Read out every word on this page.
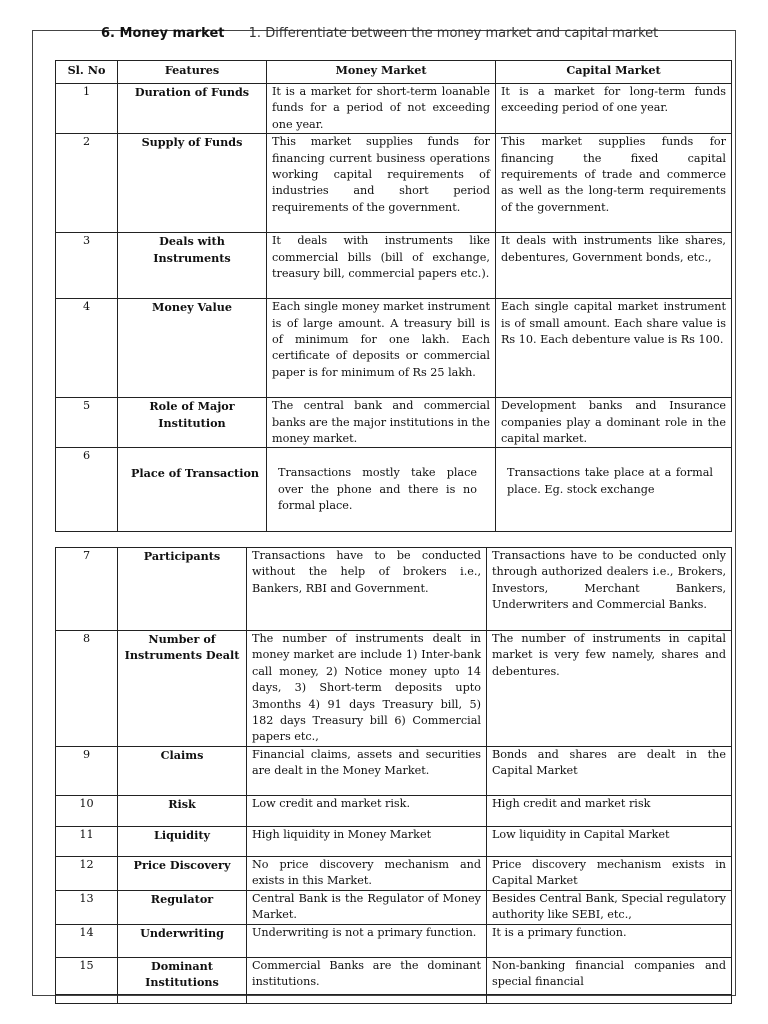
6. Money market 1. Differentiate between the money market and capital market
Sl. No	Features	Money Market	Capital Market
1	Duration of Funds	It is a market for short-term loanable funds for a period of not exceeding one year.	It is a market for long-term funds exceeding period of one year.
2	Supply of Funds	This market supplies funds for financing current business operations working capital requirements of industries and short period requirements of the government.	This market supplies funds for financing the fixed capital requirements of trade and commerce as well as the long-term requirements of the government.
3	Deals with Instruments	It deals with instruments like commercial bills (bill of exchange, treasury bill, commercial papers etc.).	It deals with instruments like shares, debentures, Government bonds, etc.,
4	Money Value	Each single money market instrument is of large amount. A treasury bill is of minimum for one lakh. Each certificate of deposits or commercial paper is for minimum of Rs 25 lakh.	Each single capital market instrument is of small amount. Each share value is Rs 10. Each debenture value is Rs 100.
5	Role of Major Institution	The central bank and commercial banks are the major institutions in the money market.	Development banks and Insurance companies play a dominant role in the capital market.
6	Place of Transaction	Transactions mostly take place over the phone and there is no formal place.	Transactions take place at a formal place. Eg. stock exchange
7	Participants	Transactions have to be conducted without the help of brokers i.e., Bankers, RBI and Government.	Transactions have to be conducted only through authorized dealers i.e., Brokers, Investors, Merchant Bankers, Underwriters and Commercial Banks.
8	Number of Instruments Dealt	The number of instruments dealt in money market are include 1) Inter-bank call money, 2) Notice money upto 14 days, 3) Short-term deposits upto 3months 4) 91 days Treasury bill, 5) 182 days Treasury bill 6) Commercial papers etc.,	The number of instruments in capital market is very few namely, shares and debentures.
9	Claims	Financial claims, assets and securities are dealt in the Money Market.	Bonds and shares are dealt in the Capital Market
10	Risk	Low credit and market risk.	High credit and market risk
11	Liquidity	High liquidity in Money Market	Low liquidity in Capital Market
12	Price Discovery	No price discovery mechanism and exists in this Market.	Price discovery mechanism exists in Capital Market
13	Regulator	Central Bank is the Regulator of Money Market.	Besides Central Bank, Special regulatory authority like SEBI, etc.,
14	Underwriting	Underwriting is not a primary function.	It is a primary function.
15	Dominant Institutions	Commercial Banks are the dominant institutions.	Non-banking financial companies and special financial
